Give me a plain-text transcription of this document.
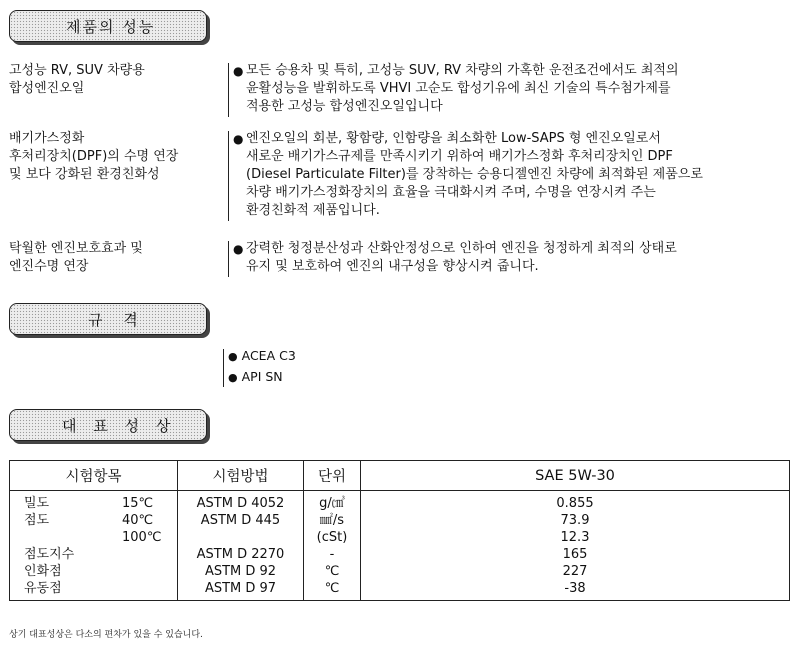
제품의 성능
고성능 RV, SUV 차량용
합성엔진오일
● 모든 승용차 및 특히, 고성능 SUV, RV 차량의 가혹한 운전조건에서도 최적의
윤활성능을 발휘하도록 VHVI 고순도 합성기유에 최신 기술의 특수첨가제를
적용한 고성능 합성엔진오일입니다
배기가스정화
후처리장치(DPF)의 수명 연장
및 보다 강화된 환경친화성
● 엔진오일의 회분, 황함량, 인함량을 최소화한 Low-SAPS 형 엔진오일로서
새로운 배기가스규제를 만족시키기 위하여 배기가스정화 후처리장치인 DPF
(Diesel Particulate Filter)를 장착하는 승용디젤엔진 차량에 최적화된 제품으로
차량 배기가스정화장치의 효율을 극대화시켜 주며, 수명을 연장시켜 주는
환경친화적 제품입니다.
탁월한 엔진보호효과 및
엔진수명 연장
● 강력한 청정분산성과 산화안정성으로 인하여 엔진을 청정하게 최적의 상태로
유지 및 보호하여 엔진의 내구성을 향상시켜 줍니다.
규 격
● ACEA C3
● API SN
대 표 성 상
시험항목	시험방법	단위	SAE 5W-30

밀도 15℃	ASTM D 4052	g/㎤	0.855

점도 40℃	ASTM D 445	㎟/s	73.9

100℃		(cSt)	12.3

점도지수	ASTM D 2270	-	165

인화점	ASTM D 92	℃	227

유동점	ASTM D 97	℃	-38
상기 대표성상은 다소의 편차가 있을 수 있습니다.
